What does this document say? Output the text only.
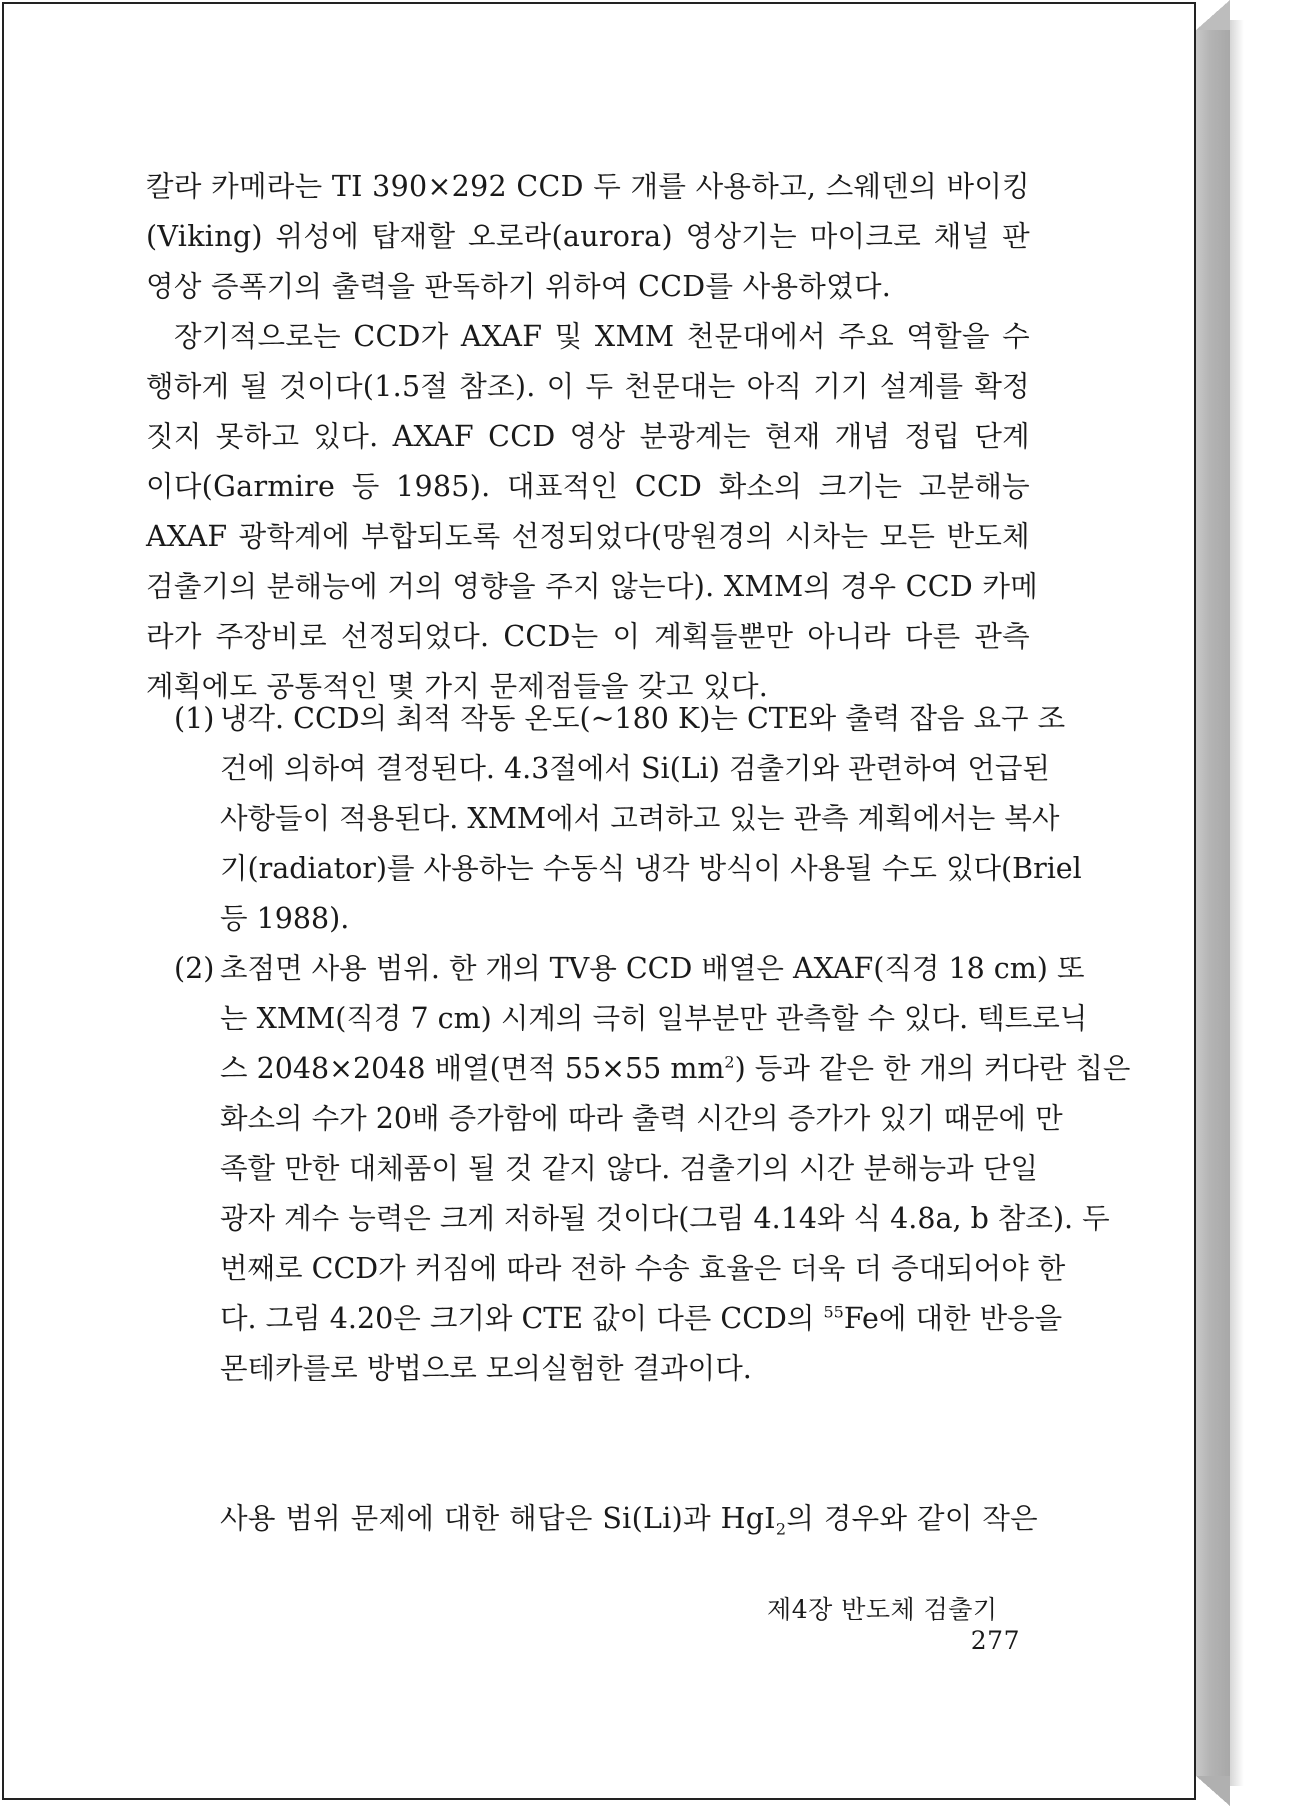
칼라 카메라는 TI 390×292 CCD 두 개를 사용하고, 스웨덴의 바이킹
(Viking) 위성에 탑재할 오로라(aurora) 영상기는 마이크로 채널 판
영상 증폭기의 출력을 판독하기 위하여 CCD를 사용하였다.
장기적으로는 CCD가 AXAF 및 XMM 천문대에서 주요 역할을 수
행하게 될 것이다(1.5절 참조). 이 두 천문대는 아직 기기 설계를 확정
짓지 못하고 있다. AXAF CCD 영상 분광계는 현재 개념 정립 단계
이다(Garmire 등 1985). 대표적인 CCD 화소의 크기는 고분해능
AXAF 광학계에 부합되도록 선정되었다(망원경의 시차는 모든 반도체
검출기의 분해능에 거의 영향을 주지 않는다). XMM의 경우 CCD 카메
라가 주장비로 선정되었다. CCD는 이 계획들뿐만 아니라 다른 관측
계획에도 공통적인 몇 가지 문제점들을 갖고 있다.
(1) 냉각. CCD의 최적 작동 온도(~180 K)는 CTE와 출력 잡음 요구 조
건에 의하여 결정된다. 4.3절에서 Si(Li) 검출기와 관련하여 언급된
사항들이 적용된다. XMM에서 고려하고 있는 관측 계획에서는 복사
기(radiator)를 사용하는 수동식 냉각 방식이 사용될 수도 있다(Briel
등 1988).
(2) 초점면 사용 범위. 한 개의 TV용 CCD 배열은 AXAF(직경 18 cm) 또
는 XMM(직경 7 cm) 시계의 극히 일부분만 관측할 수 있다. 텍트로닉
스 2048×2048 배열(면적 55×55 $mm^2$) 등과 같은 한 개의 커다란 칩은
화소의 수가 20배 증가함에 따라 출력 시간의 증가가 있기 때문에 만
족할 만한 대체품이 될 것 같지 않다. 검출기의 시간 분해능과 단일
광자 계수 능력은 크게 저하될 것이다(그림 4.14와 식 4.8a, b 참조). 두
번째로 CCD가 커짐에 따라 전하 수송 효율은 더욱 더 증대되어야 한
다. 그림 4.20은 크기와 CTE 값이 다른 CCD의 $^{55}$Fe에 대한 반응을
몬테카를로 방법으로 모의실험한 결과이다.
사용 범위 문제에 대한 해답은 Si(Li)과 HgI$_2$의 경우와 같이 작은
제4장 반도체 검출기  277
